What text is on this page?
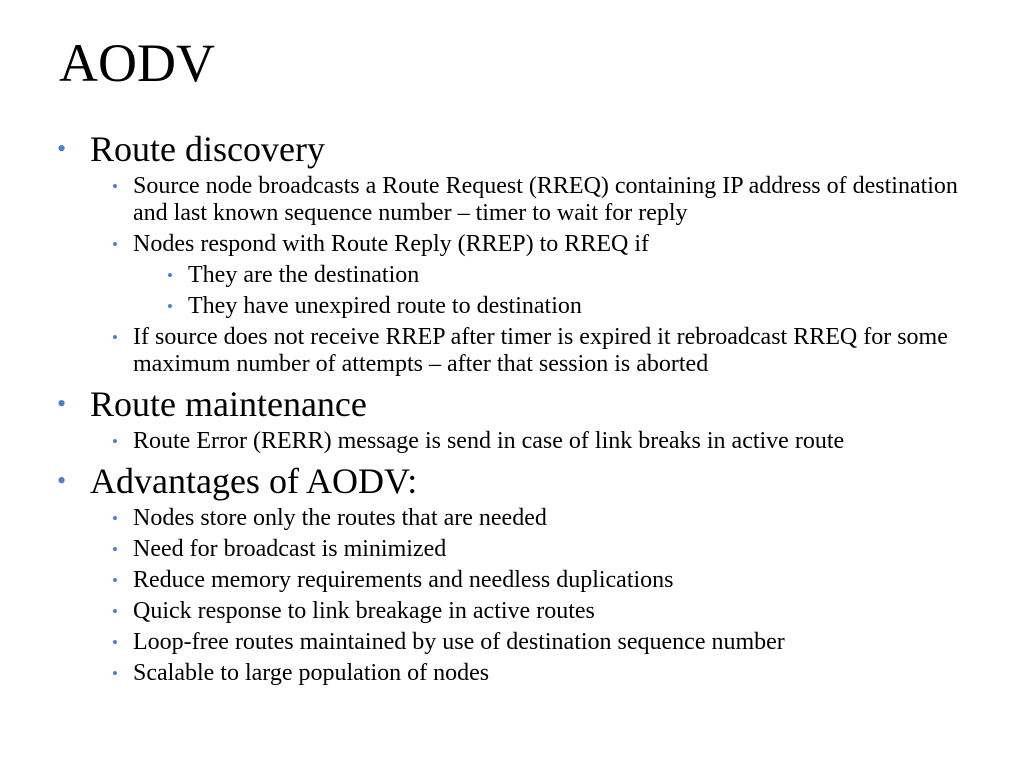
AODV
• Route discovery
• Source node broadcasts a Route Request (RREQ) containing IP address of destination and last known sequence number – timer to wait for reply
• Nodes respond with Route Reply (RREP) to RREQ if
• They are the destination
• They have unexpired route to destination
• If source does not receive RREP after timer is expired it rebroadcast RREQ for some maximum number of attempts – after that session is aborted
• Route maintenance
• Route Error (RERR) message is send in case of link breaks in active route
• Advantages of AODV:
• Nodes store only the routes that are needed
• Need for broadcast is minimized
• Reduce memory requirements and needless duplications
• Quick response to link breakage in active routes
• Loop-free routes maintained by use of destination sequence number
• Scalable to large population of nodes
